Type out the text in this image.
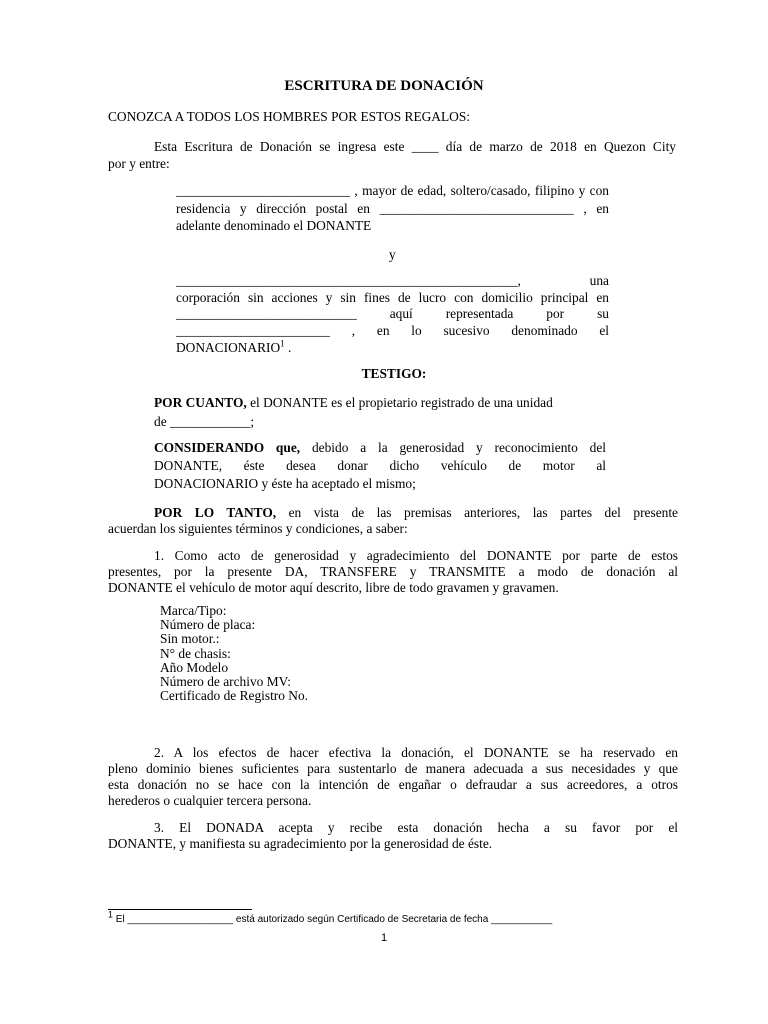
ESCRITURA DE DONACIÓN
CONOZCA A TODOS LOS HOMBRES POR ESTOS REGALOS:
Esta Escritura de Donación se ingresa este ____ día de marzo de 2018 en Quezon City
por y entre:
__________________________ , mayor de edad, soltero/casado, filipino y con
residencia y dirección postal en _____________________________ , en
adelante denominado el DONANTE
y
___________________________________________________, una
corporación sin acciones y sin fines de lucro con domicilio principal en
___________________________ aquí representada por su
_______________________ , en lo sucesivo denominado el
DONACIONARIO$^1$ .
TESTIGO:
POR CUANTO, el DONANTE es el propietario registrado de una unidad
de ____________;
CONSIDERANDO que, debido a la generosidad y reconocimiento del
DONANTE, éste desea donar dicho vehículo de motor al
DONACIONARIO y éste ha aceptado el mismo;
POR LO TANTO, en vista de las premisas anteriores, las partes del presente
acuerdan los siguientes términos y condiciones, a saber:
1. Como acto de generosidad y agradecimiento del DONANTE por parte de estos
presentes, por la presente DA, TRANSFERE y TRANSMITE a modo de donación al
DONANTE el vehículo de motor aquí descrito, libre de todo gravamen y gravamen.
Marca/Tipo:
Número de placa:
Sin motor.:
N° de chasis:
Año Modelo
Número de archivo MV:
Certificado de Registro No.
2. A los efectos de hacer efectiva la donación, el DONANTE se ha reservado en
pleno dominio bienes suficientes para sustentarlo de manera adecuada a sus necesidades y que
esta donación no se hace con la intención de engañar o defraudar a sus acreedores, a otros
herederos o cualquier tercera persona.
3. El DONADA acepta y recibe esta donación hecha a su favor por el
DONANTE, y manifiesta su agradecimiento por la generosidad de éste.
$^1$ El ___________________ está autorizado según Certificado de Secretaria de fecha ___________
1
